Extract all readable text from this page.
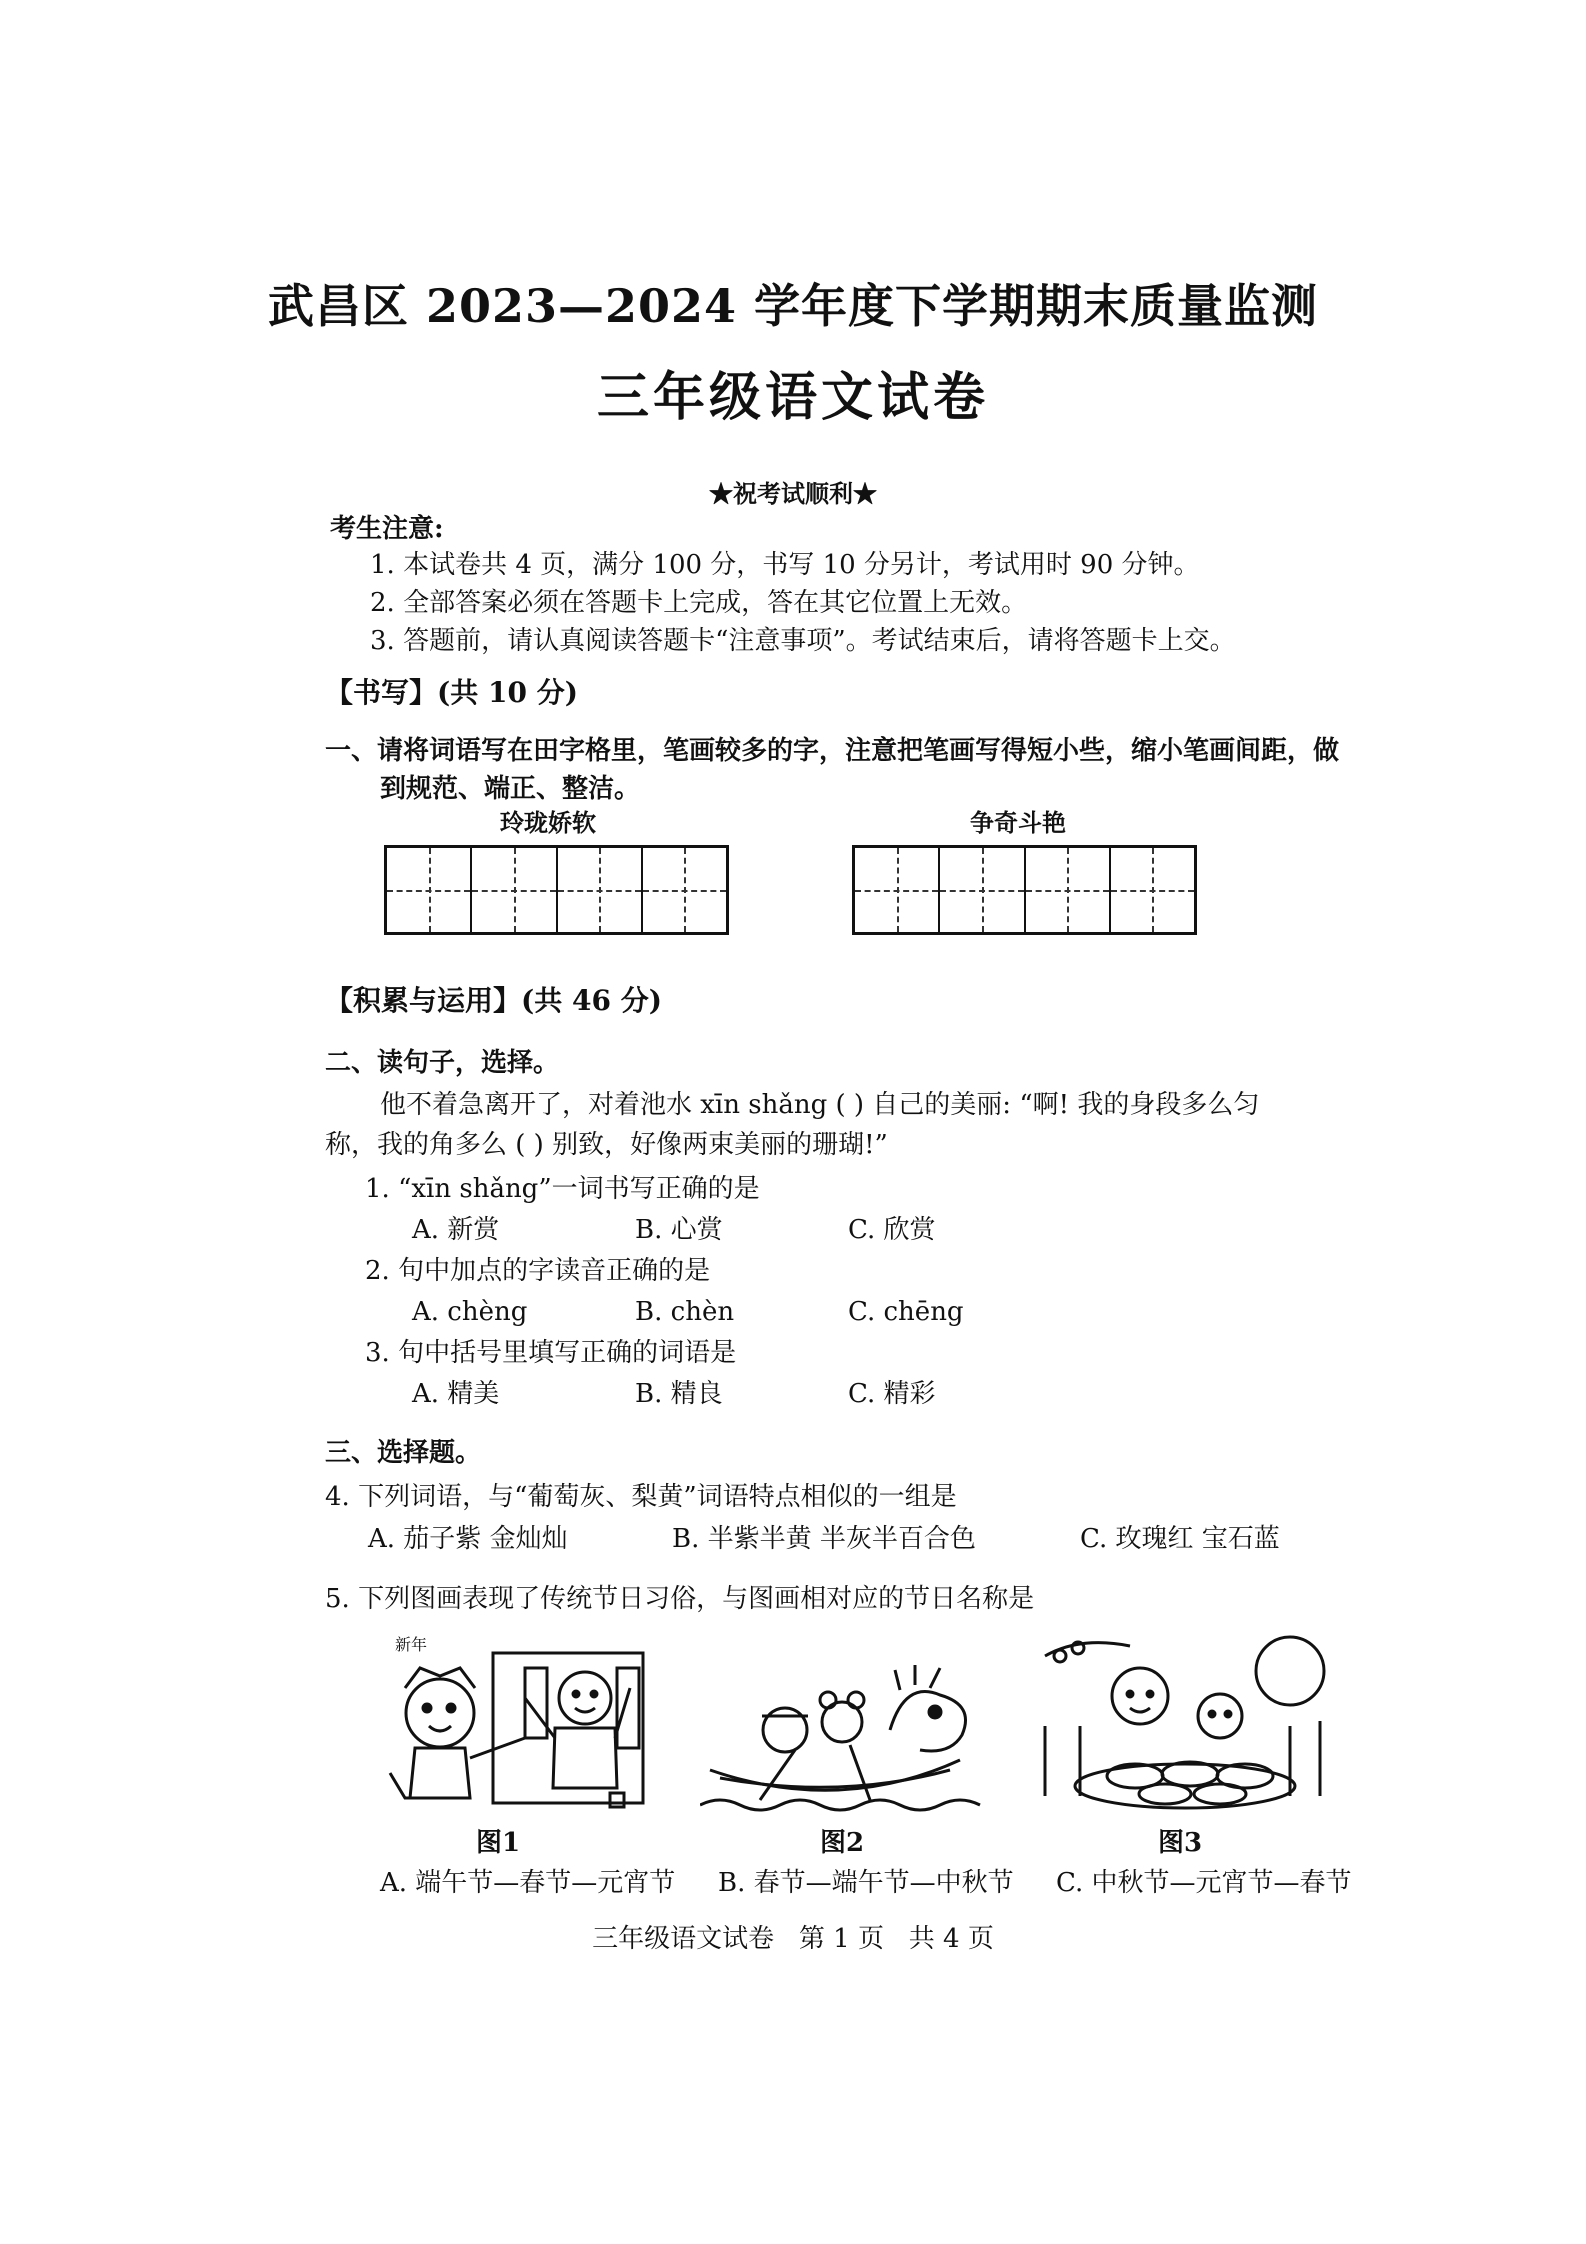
武昌区 2023—2024 学年度下学期期末质量监测
三年级语文试卷
★祝考试顺利★
考生注意:
1. 本试卷共 4 页，满分 100 分，书写 10 分另计，考试用时 90 分钟。
2. 全部答案必须在答题卡上完成，答在其它位置上无效。
3. 答题前，请认真阅读答题卡“注意事项”。考试结束后，请将答题卡上交。
【书写】(共 10 分)
一、请将词语写在田字格里，笔画较多的字，注意把笔画写得短小些，缩小笔画间距，做
到规范、端正、整洁。
玲珑娇软	争奇斗艳
【积累与运用】(共 46 分)
二、读句子，选择。
他不着急离开了，对着池水 xīn shǎng ( ) 自己的美丽: “啊! 我的身段多么匀
称，我的角多么 ( ) 别致，好像两束美丽的珊瑚!”
1. “xīn shǎng”一词书写正确的是
A. 新赏	B. 心赏	C. 欣赏
2. 句中加点的字读音正确的是
A. chèng	B. chèn	C. chēng
3. 句中括号里填写正确的词语是
A. 精美	B. 精良	C. 精彩
三、选择题。
4. 下列词语，与“葡萄灰、梨黄”词语特点相似的一组是
A. 茄子紫 金灿灿	B. 半紫半黄 半灰半百合色	C. 玫瑰红 宝石蓝
5. 下列图画表现了传统节日习俗，与图画相对应的节日名称是
新年
图1	图2	图3
A. 端午节—春节—元宵节 B. 春节—端午节—中秋节 C. 中秋节—元宵节—春节
三年级语文试卷   第 1 页   共 4 页
